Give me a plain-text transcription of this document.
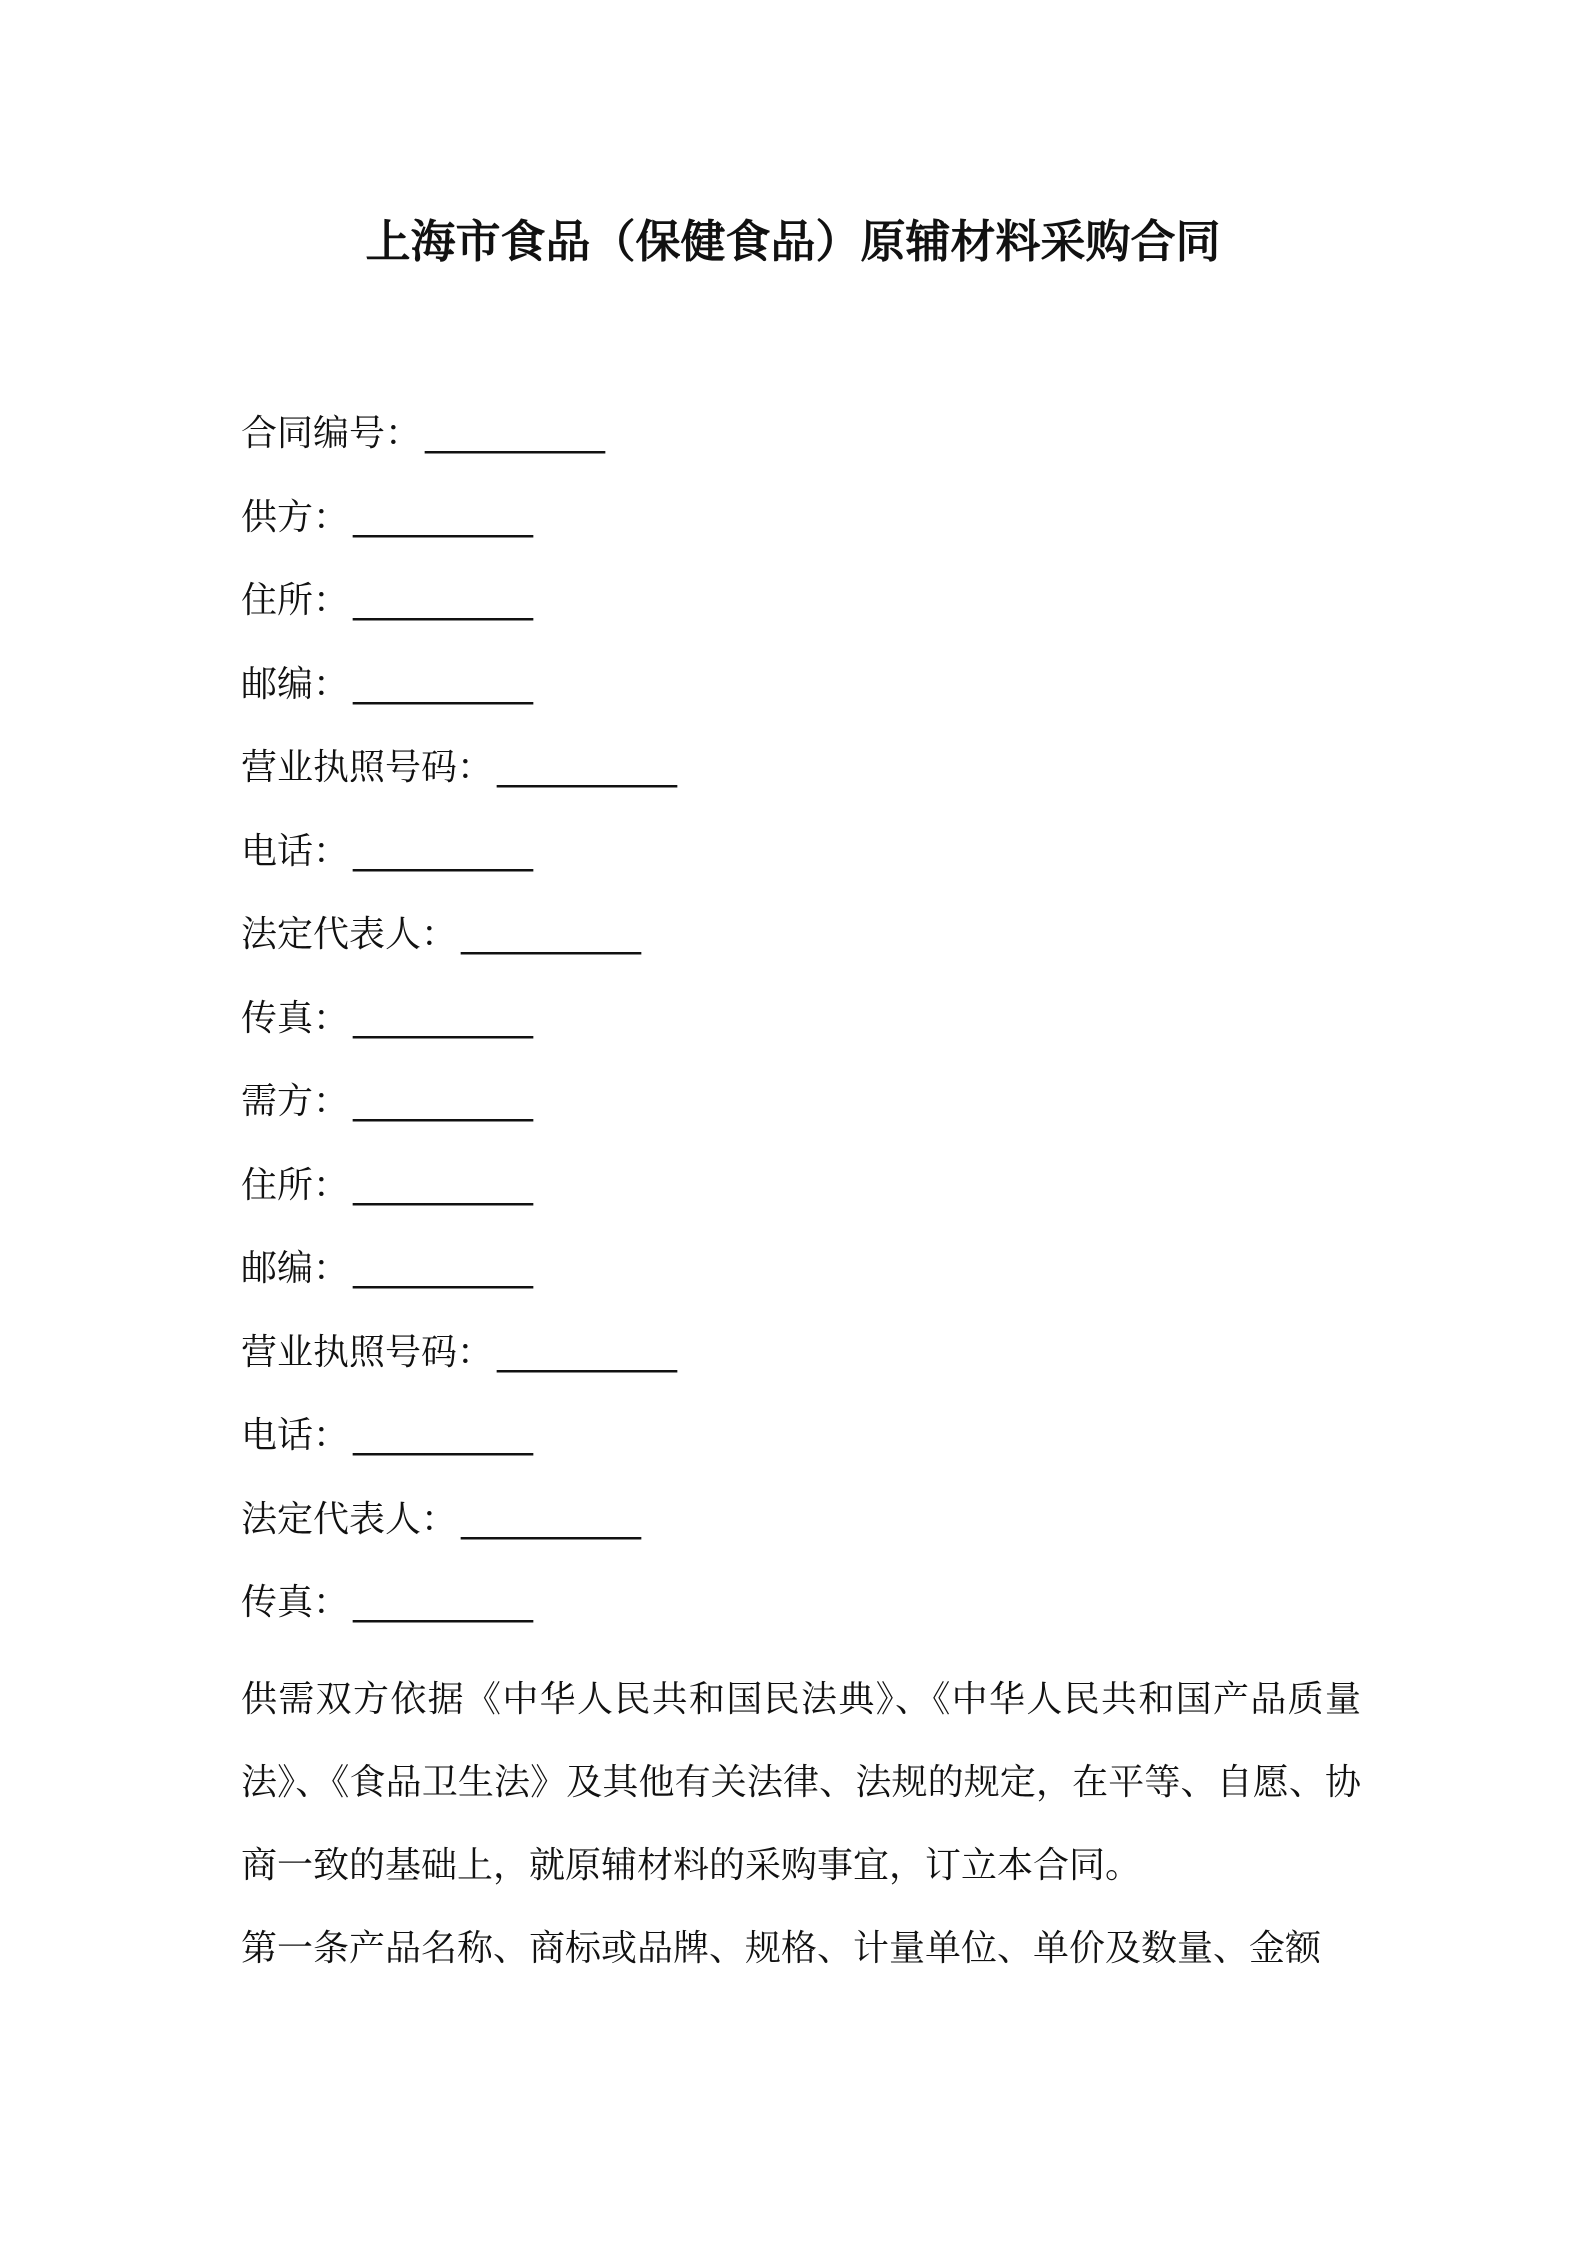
上海市食品（保健食品）原辅材料采购合同
合同编号： __________
供方： __________
住所： __________
邮编： __________
营业执照号码： __________
电话： __________
法定代表人： __________
传真： __________
需方： __________
住所： __________
邮编： __________
营业执照号码： __________
电话： __________
法定代表人： __________
传真： __________

供需双方依据《中华人民共和国民法典》、《中华人民共和国产品质量法》、《食品卫生法》及其他有关法律、法规的规定，在平等、自愿、协商一致的基础上，就原辅材料的采购事宜，订立本合同。

第一条产品名称、商标或品牌、规格、计量单位、单价及数量、金额
